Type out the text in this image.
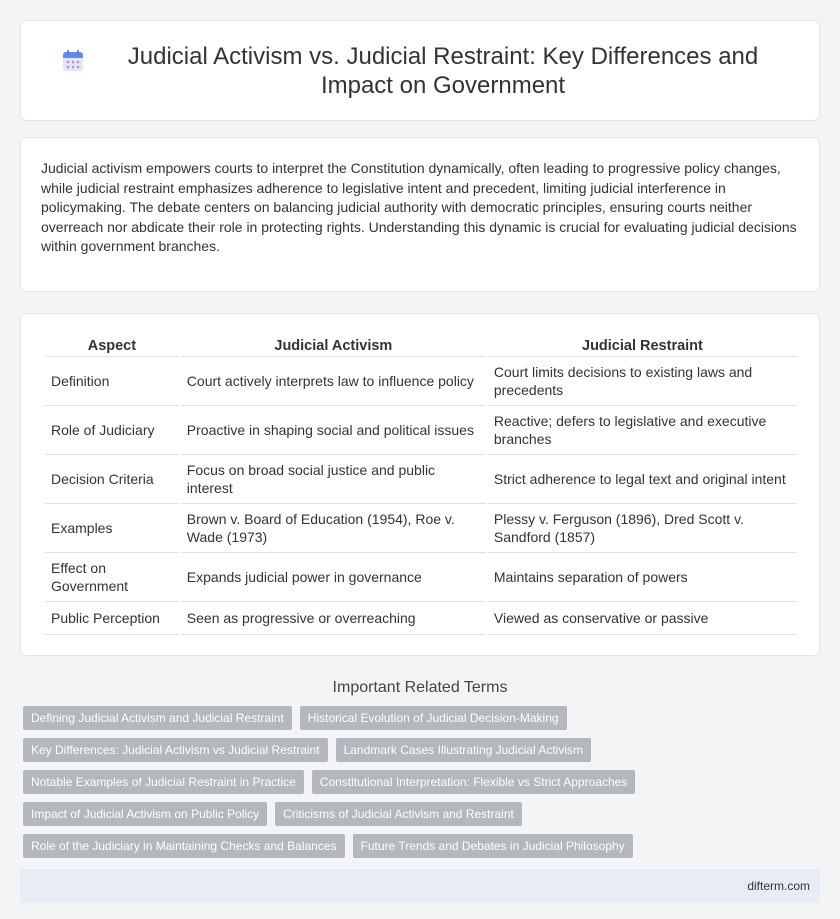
Judicial Activism vs. Judicial Restraint: Key Differences and Impact on Government

Judicial activism empowers courts to interpret the Constitution dynamically, often leading to progressive policy changes, while judicial restraint emphasizes adherence to legislative intent and precedent, limiting judicial interference in policymaking. The debate centers on balancing judicial authority with democratic principles, ensuring courts neither overreach nor abdicate their role in protecting rights. Understanding this dynamic is crucial for evaluating judicial decisions within government branches.

Aspect	Judicial Activism	Judicial Restraint
Definition	Court actively interprets law to influence policy	Court limits decisions to existing laws and precedents
Role of Judiciary	Proactive in shaping social and political issues	Reactive; defers to legislative and executive branches
Decision Criteria	Focus on broad social justice and public interest	Strict adherence to legal text and original intent
Examples	Brown v. Board of Education (1954), Roe v. Wade (1973)	Plessy v. Ferguson (1896), Dred Scott v. Sandford (1857)
Effect on Government	Expands judicial power in governance	Maintains separation of powers
Public Perception	Seen as progressive or overreaching	Viewed as conservative or passive
Important Related Terms
Defining Judicial Activism and Judicial Restraint	Historical Evolution of Judicial Decision-Making
Key Differences: Judicial Activism vs Judicial Restraint	Landmark Cases Illustrating Judicial Activism
Notable Examples of Judicial Restraint in Practice	Constitutional Interpretation: Flexible vs Strict Approaches
Impact of Judicial Activism on Public Policy	Criticisms of Judicial Activism and Restraint
Role of the Judiciary in Maintaining Checks and Balances	Future Trends and Debates in Judicial Philosophy
difterm.com
